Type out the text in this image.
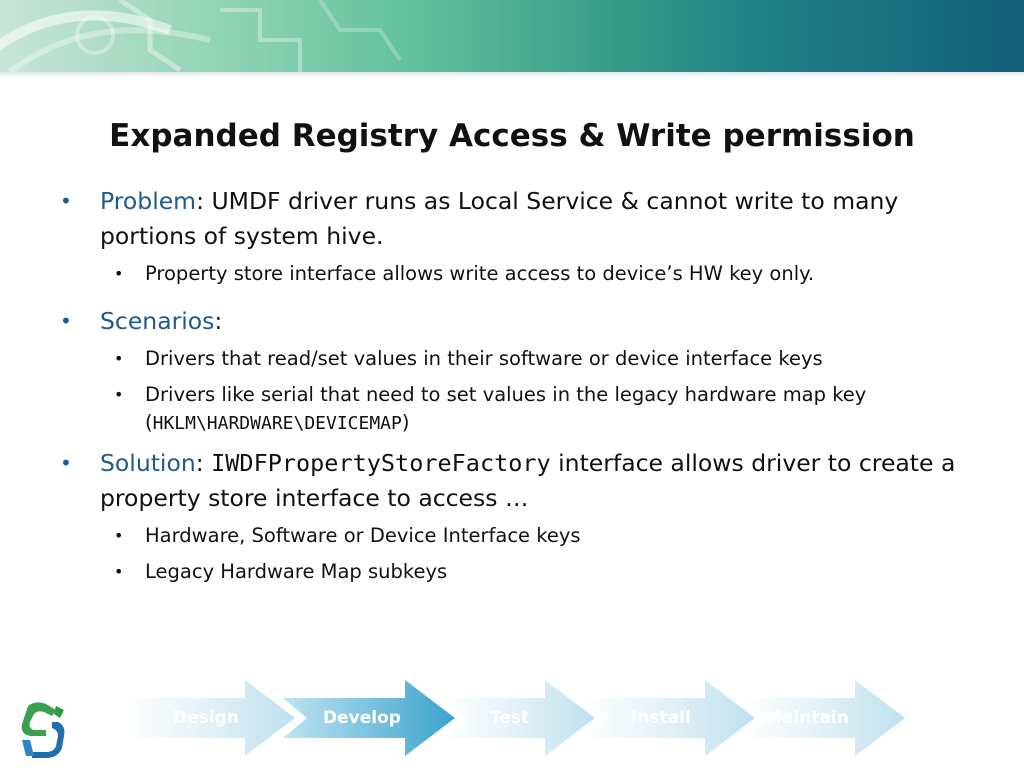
Expanded Registry Access & Write permission
• Problem: UMDF driver runs as Local Service & cannot write to many portions of system hive.
• Property store interface allows write access to device’s HW key only.
• Scenarios:
• Drivers that read/set values in their software or device interface keys
• Drivers like serial that need to set values in the legacy hardware map key (HKLM\HARDWARE\DEVICEMAP)
• Solution: IWDFPropertyStoreFactory interface allows driver to create a property store interface to access …
• Hardware, Software or Device Interface keys
• Legacy Hardware Map subkeys
Design	Develop	Test	Install	Maintain
